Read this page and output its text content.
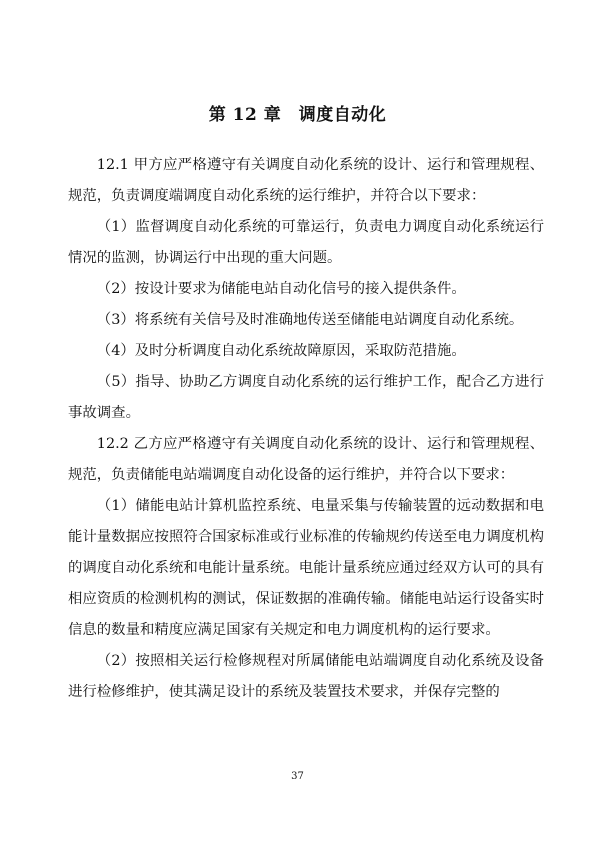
第 12 章　调度自动化

12.1 甲方应严格遵守有关调度自动化系统的设计、运行和管理规程、规范，负责调度端调度自动化系统的运行维护，并符合以下要求：

（1）监督调度自动化系统的可靠运行，负责电力调度自动化系统运行情况的监测，协调运行中出现的重大问题。

（2）按设计要求为储能电站自动化信号的接入提供条件。

（3）将系统有关信号及时准确地传送至储能电站调度自动化系统。

（4）及时分析调度自动化系统故障原因，采取防范措施。

（5）指导、协助乙方调度自动化系统的运行维护工作，配合乙方进行事故调查。

12.2 乙方应严格遵守有关调度自动化系统的设计、运行和管理规程、规范，负责储能电站端调度自动化设备的运行维护，并符合以下要求：

（1）储能电站计算机监控系统、电量采集与传输装置的远动数据和电能计量数据应按照符合国家标准或行业标准的传输规约传送至电力调度机构的调度自动化系统和电能计量系统。电能计量系统应通过经双方认可的具有相应资质的检测机构的测试，保证数据的准确传输。储能电站运行设备实时信息的数量和精度应满足国家有关规定和电力调度机构的运行要求。

（2）按照相关运行检修规程对所属储能电站端调度自动化系统及设备进行检修维护，使其满足设计的系统及装置技术要求，并保存完整的

37
